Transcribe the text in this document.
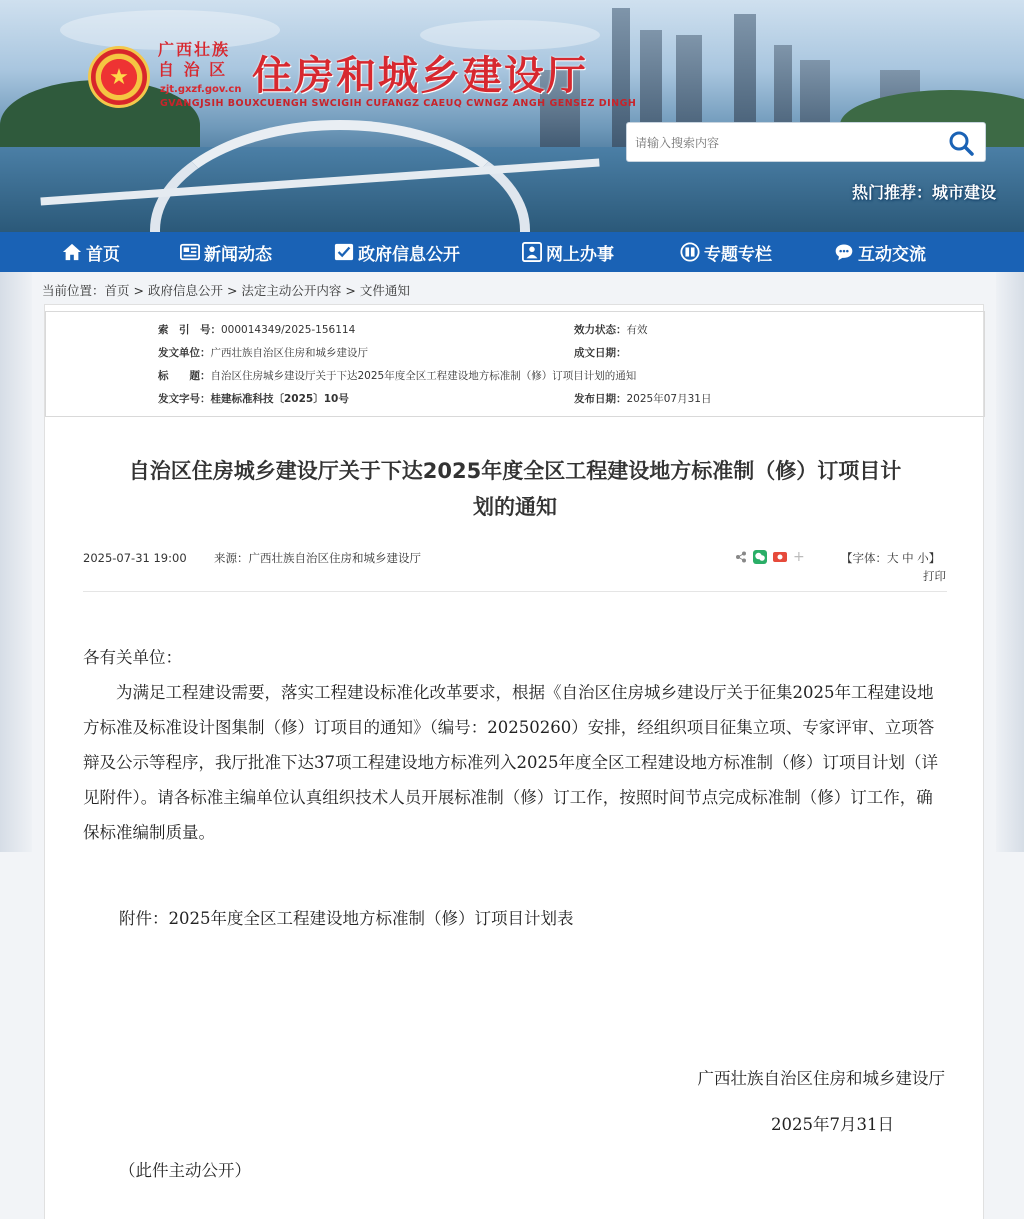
★
广西壮族
自 治 区
zjt.gxzf.gov.cn 住房和城乡建设厅
GVANGJSIH BOUXCUENGH SWCIGIH CUFANGZ CAEUQ CWNGZ ANGH GENSEZ DINGH
请输入搜索内容
热门推荐：城市建设
首页	新闻动态	政府信息公开	网上办事	专题专栏	互动交流
当前位置：首页 > 政府信息公开 > 法定主动公开内容 > 文件通知
索　引　号：000014349/2025-156114	效力状态：有效
发文单位：广西壮族自治区住房和城乡建设厅	成文日期：
标　　题：自治区住房城乡建设厅关于下达2025年度全区工程建设地方标准制（修）订项目计划的通知
发文字号：桂建标准科技〔2025〕10号	发布日期：2025年07月31日
自治区住房城乡建设厅关于下达2025年度全区工程建设地方标准制（修）订项目计
划的通知
2025-07-31 19:00 来源：广西壮族自治区住房和城乡建设厅	+	【字体：大 中 小】
打印

各有关单位：

为满足工程建设需要，落实工程建设标准化改革要求，根据《自治区住房城乡建设厅关于征集2025年工程建设地方标准及标准设计图集制（修）订项目的通知》（编号：20250260）安排，经组织项目征集立项、专家评审、立项答辩及公示等程序，我厅批准下达37项工程建设地方标准列入2025年度全区工程建设地方标准制（修）订项目计划（详见附件）。请各标准主编单位认真组织技术人员开展标准制（修）订工作，按照时间节点完成标准制（修）订工作，确保标准编制质量。

附件：2025年度全区工程建设地方标准制（修）订项目计划表
广西壮族自治区住房和城乡建设厅
2025年7月31日
（此件主动公开）
